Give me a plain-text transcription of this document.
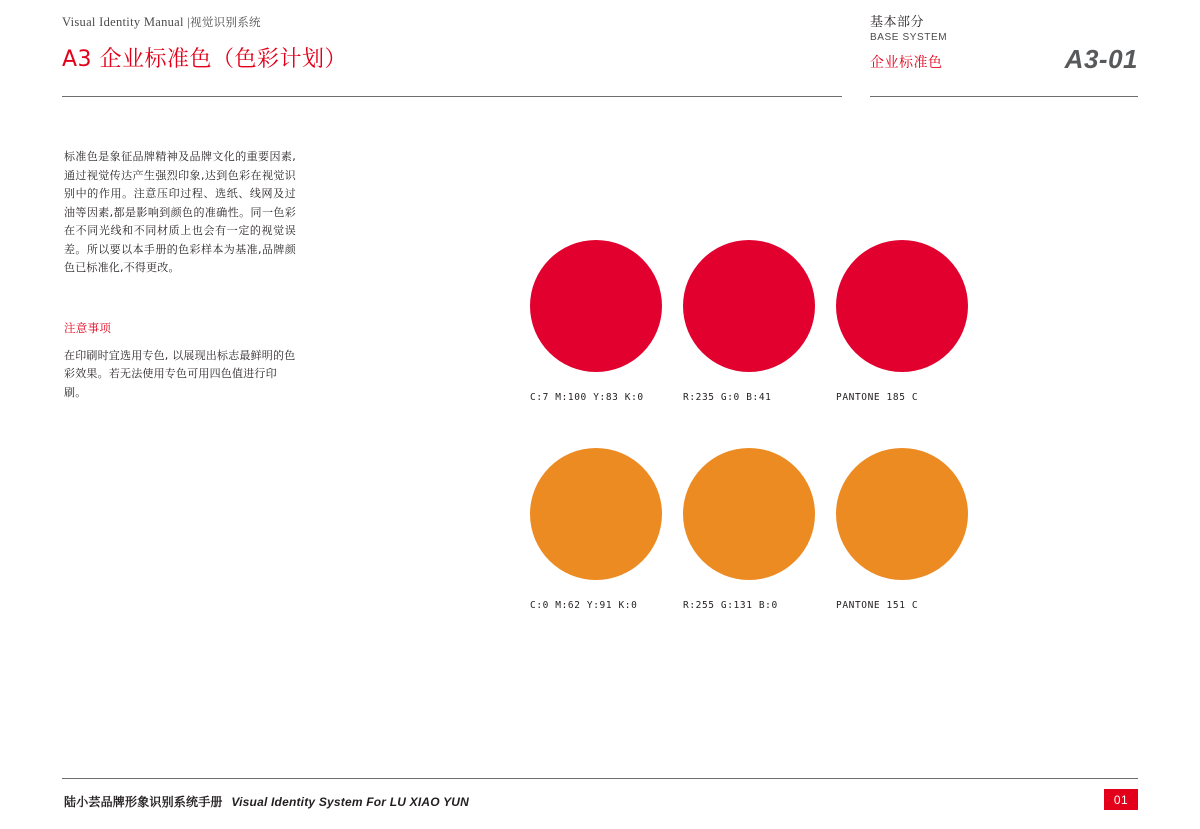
Visual Identity Manual |视觉识别系统
A3 企业标准色（色彩计划）
基本部分
BASE SYSTEM
企业标准色	A3-01
标准色是象征品牌精神及品牌文化的重要因素,通过视觉传达产生强烈印象,达到色彩在视觉识别中的作用。注意压印过程、选纸、线网及过油等因素,都是影响到颜色的准确性。同一色彩在不同光线和不同材质上也会有一定的视觉误差。所以要以本手册的色彩样本为基准,品牌颜色已标准化,不得更改。
注意事项
在印刷时宜选用专色, 以展现出标志最鲜明的色彩效果。若无法使用专色可用四色值进行印刷。	C:7 M:100 Y:83 K:0	R:235 G:0 B:41	PANTONE 185 C
C:0 M:62 Y:91 K:0	R:255 G:131 B:0	PANTONE 151 C
陆小芸品牌形象识别系统手册 Visual Identity System For LU XIAO YUN	01
